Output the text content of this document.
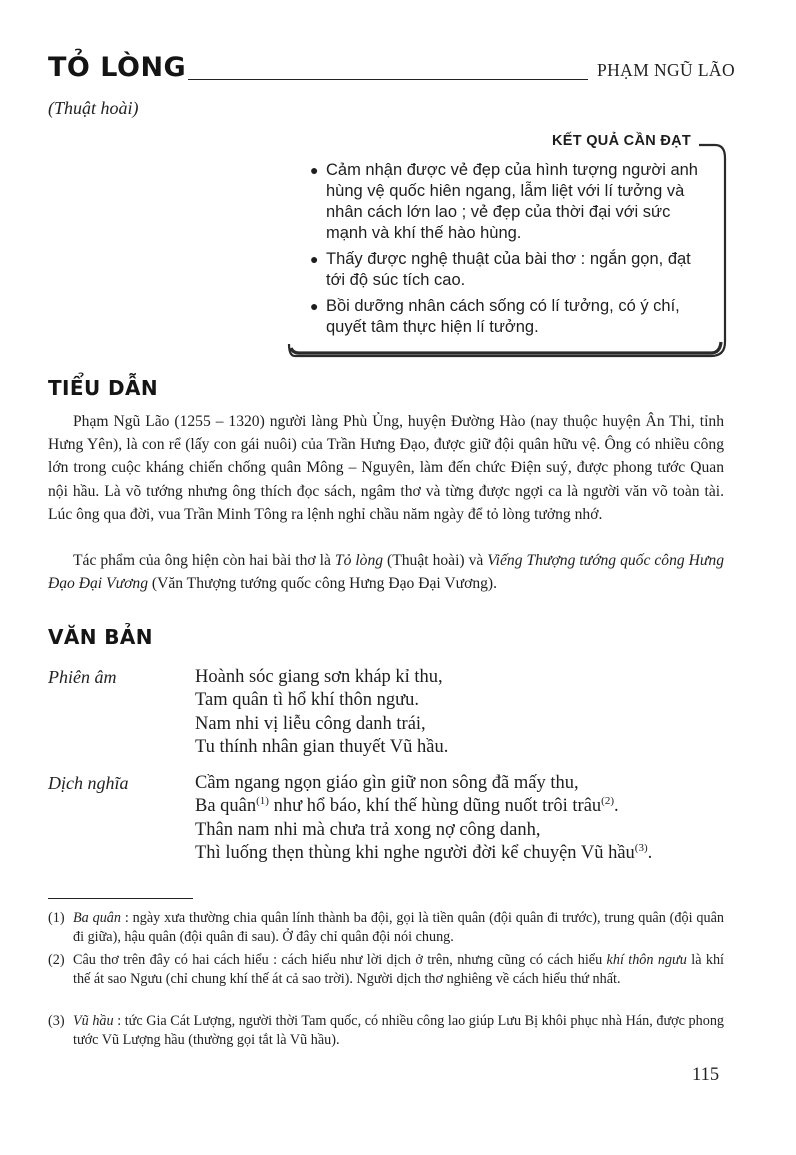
TỎ LÒNG	PHẠM NGŨ LÃO
(Thuật hoài)
KẾT QUẢ CẦN ĐẠT
● Cảm nhận được vẻ đẹp của hình tượng người anh hùng vệ quốc hiên ngang, lẫm liệt với lí tưởng và nhân cách lớn lao ; vẻ đẹp của thời đại với sức mạnh và khí thế hào hùng.
● Thấy được nghệ thuật của bài thơ : ngắn gọn, đạt tới độ súc tích cao.
● Bồi dưỡng nhân cách sống có lí tưởng, có ý chí, quyết tâm thực hiện lí tưởng.
TIỂU DẪN

Phạm Ngũ Lão (1255 – 1320) người làng Phù Ủng, huyện Đường Hào (nay thuộc huyện Ân Thi, tỉnh Hưng Yên), là con rể (lấy con gái nuôi) của Trần Hưng Đạo, được giữ đội quân hữu vệ. Ông có nhiều công lớn trong cuộc kháng chiến chống quân Mông – Nguyên, làm đến chức Điện suý, được phong tước Quan nội hầu. Là võ tướng nhưng ông thích đọc sách, ngâm thơ và từng được ngợi ca là người văn võ toàn tài. Lúc ông qua đời, vua Trần Minh Tông ra lệnh nghỉ chầu năm ngày để tỏ lòng tưởng nhớ.

Tác phẩm của ông hiện còn hai bài thơ là Tỏ lòng (Thuật hoài) và Viếng Thượng tướng quốc công Hưng Đạo Đại Vương (Văn Thượng tướng quốc công Hưng Đạo Đại Vương).

VĂN BẢN
Phiên âm	Hoành sóc giang sơn kháp kỉ thu,
Tam quân tì hổ khí thôn ngưu.
Nam nhi vị liễu công danh trái,
Tu thính nhân gian thuyết Vũ hầu.
Dịch nghĩa	Cầm ngang ngọn giáo gìn giữ non sông đã mấy thu,
Ba quân$^{(1)}$ như hổ báo, khí thế hùng dũng nuốt trôi trâu$^{(2)}$.
Thân nam nhi mà chưa trả xong nợ công danh,
Thì luống thẹn thùng khi nghe người đời kể chuyện Vũ hầu$^{(3)}$.

(1) Ba quân : ngày xưa thường chia quân lính thành ba đội, gọi là tiền quân (đội quân đi trước), trung quân (đội quân đi giữa), hậu quân (đội quân đi sau). Ở đây chỉ quân đội nói chung.

(2) Câu thơ trên đây có hai cách hiểu : cách hiểu như lời dịch ở trên, nhưng cũng có cách hiểu khí thôn ngưu là khí thế át sao Ngưu (chỉ chung khí thế át cả sao trời). Người dịch thơ nghiêng về cách hiểu thứ nhất.

(3) Vũ hầu : tức Gia Cát Lượng, người thời Tam quốc, có nhiều công lao giúp Lưu Bị khôi phục nhà Hán, được phong tước Vũ Lượng hầu (thường gọi tắt là Vũ hầu).

115
